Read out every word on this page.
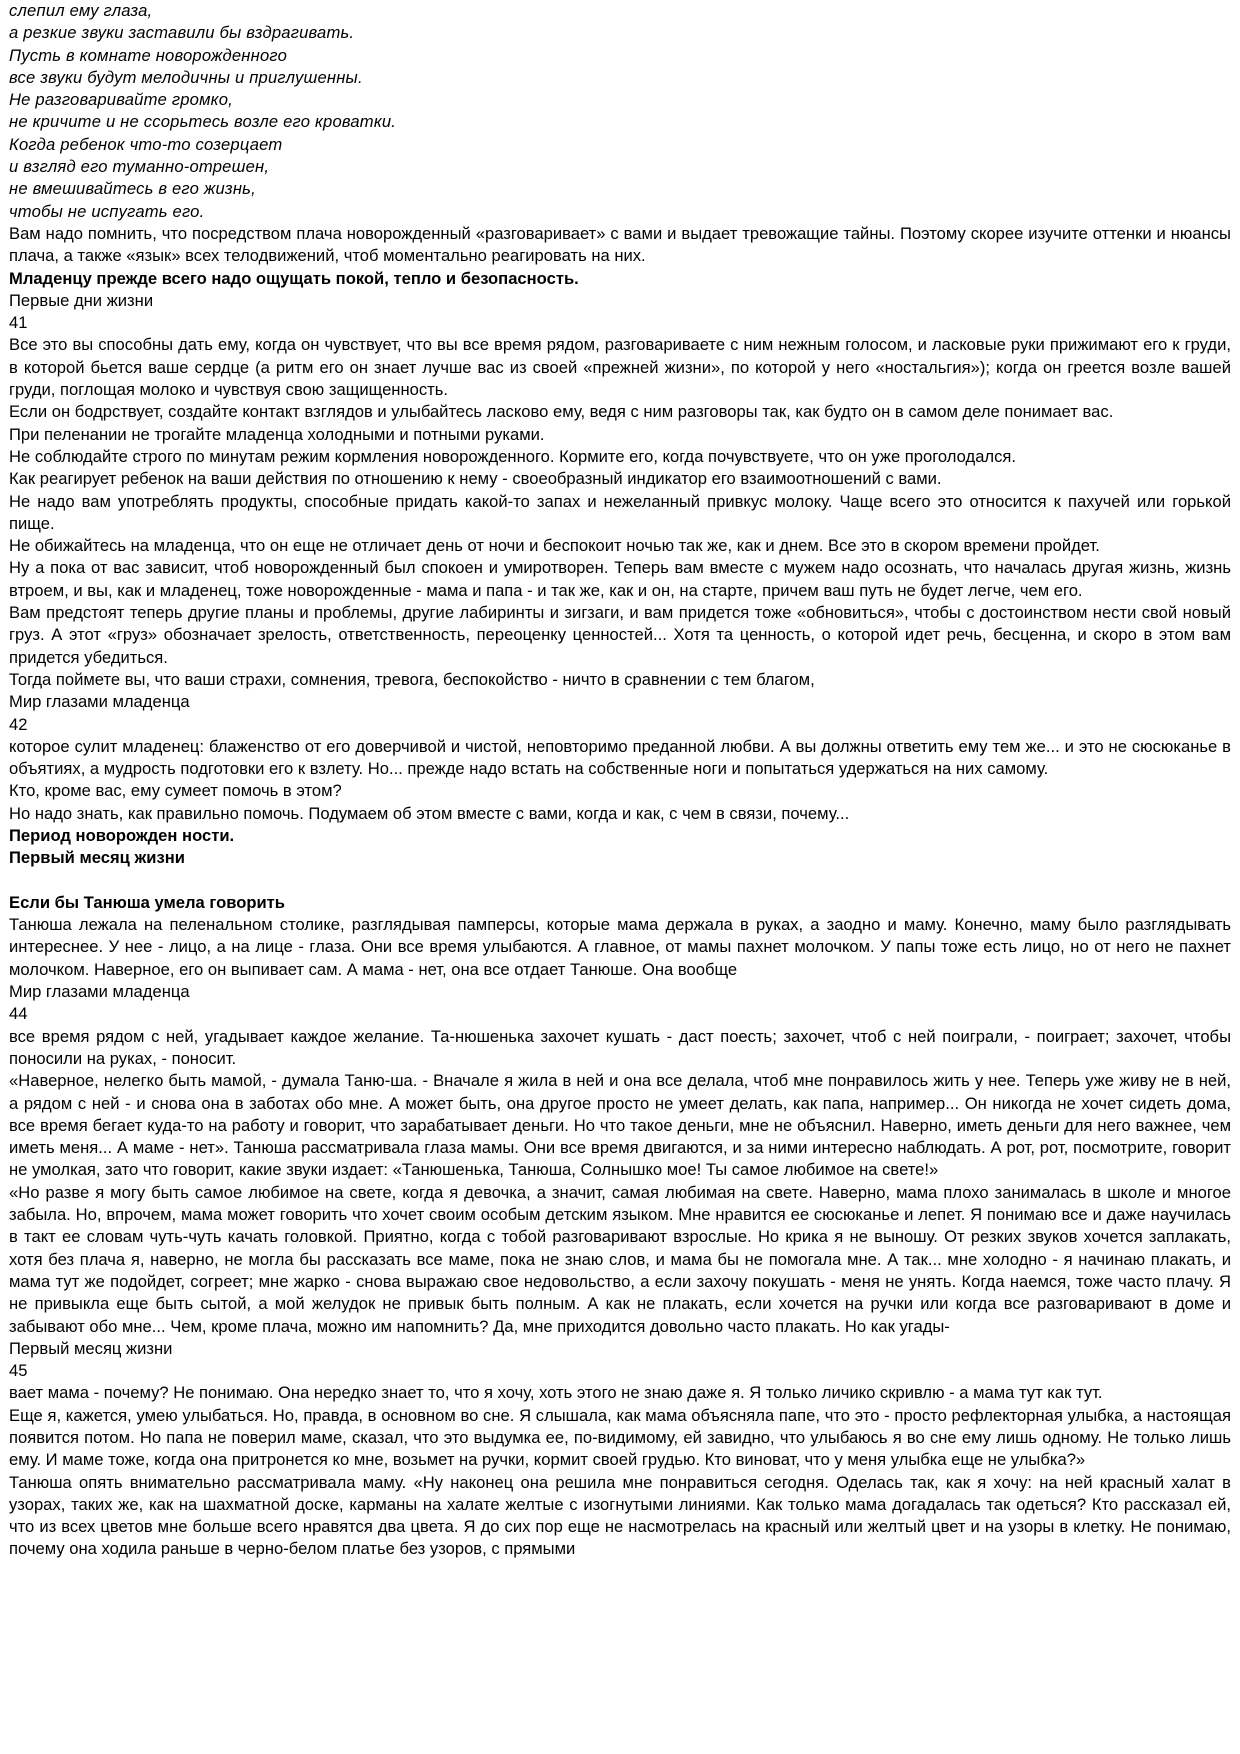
слепил ему глаза,
а резкие звуки заставили бы вздрагивать.
Пусть в комнате новорожденного
все звуки будут мелодичны и приглушенны.
Не разговаривайте громко,
не кричите и не ссорьтесь возле его кроватки.
Когда ребенок что-то созерцает
и взгляд его туманно-отрешен,
не вмешивайтесь в его жизнь,
чтобы не испугать его.
Вам надо помнить, что посредством плача новорожденный «разговаривает» с вами и выдает тревожащие тайны. Поэтому скорее изучите оттенки и нюансы плача, а также «язык» всех телодвижений, чтоб моментально реагировать на них.
Младенцу прежде всего надо ощущать покой, тепло и безопасность.
Первые дни жизни
41
Все это вы способны дать ему, когда он чувствует, что вы все время рядом, разговариваете с ним нежным голосом, и ласковые руки прижимают его к груди, в которой бьется ваше сердце (а ритм его он знает лучше вас из своей «прежней жизни», по которой у него «ностальгия»); когда он греется возле вашей груди, поглощая молоко и чувствуя свою защищенность.
Если он бодрствует, создайте контакт взглядов и улыбайтесь ласково ему, ведя с ним разговоры так, как будто он в самом деле понимает вас.
При пеленании не трогайте младенца холодными и потными руками.
Не соблюдайте строго по минутам режим кормления новорожденного. Кормите его, когда почувствуете, что он уже проголодался.
Как реагирует ребенок на ваши действия по отношению к нему - своеобразный индикатор его взаимоотношений с вами.
Не надо вам употреблять продукты, способные придать какой-то запах и нежеланный привкус молоку. Чаще всего это относится к пахучей или горькой пище.
Не обижайтесь на младенца, что он еще не отличает день от ночи и беспокоит ночью так же, как и днем. Все это в скором времени пройдет.
Ну а пока от вас зависит, чтоб новорожденный был спокоен и умиротворен. Теперь вам вместе с мужем надо осознать, что началась другая жизнь, жизнь втроем, и вы, как и младенец, тоже новорожденные - мама и папа - и так же, как и он, на старте, причем ваш путь не будет легче, чем его.
Вам предстоят теперь другие планы и проблемы, другие лабиринты и зигзаги, и вам придется тоже «обновиться», чтобы с достоинством нести свой новый груз. А этот «груз» обозначает зрелость, ответственность, переоценку ценностей... Хотя та ценность, о которой идет речь, бесценна, и скоро в этом вам придется убедиться.
Тогда поймете вы, что ваши страхи, сомнения, тревога, беспокойство - ничто в сравнении с тем благом,
Мир глазами младенца
42
которое сулит младенец: блаженство от его доверчивой и чистой, неповторимо преданной любви. А вы должны ответить ему тем же... и это не сюсюканье в объятиях, а мудрость подготовки его к взлету. Но... прежде надо встать на собственные ноги и попытаться удержаться на них самому.
Кто, кроме вас, ему сумеет помочь в этом?
Но надо знать, как правильно помочь. Подумаем об этом вместе с вами, когда и как, с чем в связи, почему...
Период новорожден ности.
Первый месяц жизни
Если бы Танюша умела говорить
Танюша лежала на пеленальном столике, разглядывая памперсы, которые мама держала в руках, а заодно и маму. Конечно, маму было разглядывать интереснее. У нее - лицо, а на лице - глаза. Они все время улыбаются. А главное, от мамы пахнет молочком. У папы тоже есть лицо, но от него не пахнет молочком. Наверное, его он выпивает сам. А мама - нет, она все отдает Танюше. Она вообще
Мир глазами младенца
44
все время рядом с ней, угадывает каждое желание. Та-нюшенька захочет кушать - даст поесть; захочет, чтоб с ней поиграли, - поиграет; захочет, чтобы поносили на руках, - поносит.
«Наверное, нелегко быть мамой, - думала Таню-ша. - Вначале я жила в ней и она все делала, чтоб мне понравилось жить у нее. Теперь уже живу не в ней, а рядом с ней - и снова она в заботах обо мне. А может быть, она другое просто не умеет делать, как папа, например... Он никогда не хочет сидеть дома, все время бегает куда-то на работу и говорит, что зарабатывает деньги. Но что такое деньги, мне не объяснил. Наверно, иметь деньги для него важнее, чем иметь меня... А маме - нет». Танюша рассматривала глаза мамы. Они все время двигаются, и за ними интересно наблюдать. А рот, рот, посмотрите, говорит не умолкая, зато что говорит, какие звуки издает: «Танюшенька, Танюша, Солнышко мое! Ты самое любимое на свете!»
«Но разве я могу быть самое любимое на свете, когда я девочка, а значит, самая любимая на свете. Наверно, мама плохо занималась в школе и многое забыла. Но, впрочем, мама может говорить что хочет своим особым детским языком. Мне нравится ее сюсюканье и лепет. Я понимаю все и даже научилась в такт ее словам чуть-чуть качать головкой. Приятно, когда с тобой разговаривают взрослые. Но крика я не выношу. От резких звуков хочется заплакать, хотя без плача я, наверно, не могла бы рассказать все маме, пока не знаю слов, и мама бы не помогала мне. А так... мне холодно - я начинаю плакать, и мама тут же подойдет, согреет; мне жарко - снова выражаю свое недовольство, а если захочу покушать - меня не унять. Когда наемся, тоже часто плачу. Я не привыкла еще быть сытой, а мой желудок не привык быть полным. А как не плакать, если хочется на ручки или когда все разговаривают в доме и забывают обо мне... Чем, кроме плача, можно им напомнить? Да, мне приходится довольно часто плакать. Но как угады-
Первый месяц жизни
45
вает мама - почему? Не понимаю. Она нередко знает то, что я хочу, хоть этого не знаю даже я. Я только личико скривлю - а мама тут как тут.
Еще я, кажется, умею улыбаться. Но, правда, в основном во сне. Я слышала, как мама объясняла папе, что это - просто рефлекторная улыбка, а настоящая появится потом. Но папа не поверил маме, сказал, что это выдумка ее, по-видимому, ей завидно, что улыбаюсь я во сне ему лишь одному. Не только лишь ему. И маме тоже, когда она притронется ко мне, возьмет на ручки, кормит своей грудью. Кто виноват, что у меня улыбка еще не улыбка?»
Танюша опять внимательно рассматривала маму. «Ну наконец она решила мне понравиться сегодня. Оделась так, как я хочу: на ней красный халат в узорах, таких же, как на шахматной доске, карманы на халате желтые с изогнутыми линиями. Как только мама догадалась так одеться? Кто рассказал ей, что из всех цветов мне больше всего нравятся два цвета. Я до сих пор еще не насмотрелась на красный или желтый цвет и на узоры в клетку. Не понимаю, почему она ходила раньше в черно-белом платье без узоров, с прямыми
